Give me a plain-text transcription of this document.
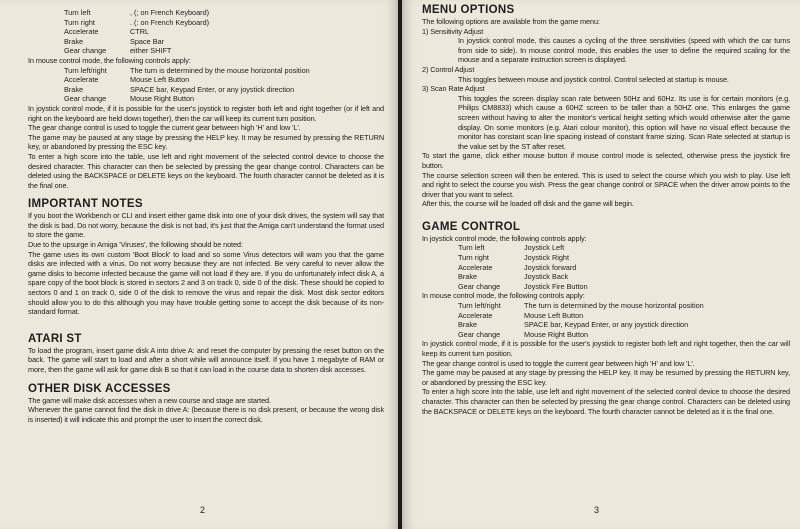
Turn left	, (; on French Keyboard)
Turn right	. (: on French Keyboard)
Accelerate	CTRL
Brake	Space Bar
Gear change	either SHIFT

In mouse control mode, the following controls apply:

Turn left/right	The turn is determined by the mouse horizontal position
Accelerate	Mouse Left Button
Brake	SPACE bar, Keypad Enter, or any joystick direction
Gear change	Mouse Right Button

In joystick control mode, if it is possible for the user's joystick to register both left and right together (or if left and right on the keyboard are held down together), then the car will keep its current turn position.

The gear change control is used to toggle the current gear between high 'H' and low 'L'.

The game may be paused at any stage by pressing the HELP key. It may be resumed by pressing the RETURN key, or abandoned by pressing the ESC key.

To enter a high score into the table, use left and right movement of the selected control device to choose the desired character. This character can then be selected by pressing the gear change control. Characters can be deleted using the BACKSPACE or DELETE keys on the keyboard. The fourth character cannot be deleted as it is the final one.

IMPORTANT NOTES

If you boot the Workbench or CLI and insert either game disk into one of your disk drives, the system will say that the disk is bad. Do not worry, because the disk is not bad, it's just that the Amiga can't understand the format used to store the game.

Due to the upsurge in Amiga 'Viruses', the following should be noted:

The game uses its own custom 'Boot Block' to load and so some Virus detectors will warn you that the game disks are infected with a virus. Do not worry because they are not infected. Be very careful to never allow the game disks to become infected because the game will not load if they are. If you do unfortunately infect disk A, a spare copy of the boot block is stored in sectors 2 and 3 on track 0, side 0 of the disk. These should be copied to sectors 0 and 1 on track 0, side 0 of the disk to remove the virus and repair the disk. Most disk sector editors should allow you to do this although you may have trouble getting some to accept the disk because of its non-standard format.

ATARI ST

To load the program, insert game disk A into drive A: and reset the computer by pressing the reset button on the back. The game will start to load and after a short while will announce itself. If you have 1 megabyte of RAM or more, then the game will ask for game disk B so that it can load in the course data to shorten disk accesses.

OTHER DISK ACCESSES

The game will make disk accesses when a new course and stage are started.

Whenever the game cannot find the disk in drive A: (because there is no disk present, or because the wrong disk is inserted) it will indicate this and prompt the user to insert the correct disk.

2
MENU OPTIONS

The following options are available from the game menu:

1) Sensitivity Adjust

In joystick control mode, this causes a cycling of the three sensitivities (speed with which the car turns from side to side). In mouse control mode, this enables the user to define the required scaling for the mouse and a separate instruction screen is displayed.

2) Control Adjust

This toggles between mouse and joystick control. Control selected at startup is mouse.

3) Scan Rate Adjust

This toggles the screen display scan rate between 50Hz and 60Hz. Its use is for certain monitors (e.g. Philips CM8833) which cause a 60HZ screen to be taller than a 50HZ one. This enlarges the game screen without having to alter the monitor's vertical height setting which would otherwise alter the game display. On some monitors (e.g. Atari colour monitor), this option will have no visual effect because the monitor has constant scan line spacing instead of constant frame sizing. Scan Rate selected at startup is the value set by the ST after reset.

To start the game, click either mouse button if mouse control mode is selected, otherwise press the joystick fire button.

The course selection screen will then be entered. This is used to select the course which you wish to play. Use left and right to select the course you wish. Press the gear change control or SPACE when the driver arrow points to the driver that you want to select.

After this, the course will be loaded off disk and the game will begin.

GAME CONTROL

In joystick control mode, the following controls apply:

Turn left	Joystick Left
Turn right	Joystick Right
Accelerate	Joystick forward
Brake	Joystick Back
Gear change	Joystick Fire Button

In mouse control mode, the following controls apply:

Turn left/right	The turn is determined by the mouse horizontal position
Accelerate	Mouse Left Button
Brake	SPACE bar, Keypad Enter, or any joystick direction
Gear change	Mouse Right Button

In joystick control mode, if it is possible for the user's joystick to register both left and right together, then the car will keep its current turn position.

The gear change control is used to toggle the current gear between high 'H' and low 'L'.

The game may be paused at any stage by pressing the HELP key. It may be resumed by pressing the RETURN key, or abandoned by pressing the ESC key.

To enter a high score into the table, use left and right movement of the selected control device to choose the desired character. This character can then be selected by pressing the gear change control. Characters can be deleted using the BACKSPACE or DELETE keys on the keyboard. The fourth character cannot be deleted as it is the final one.

3
